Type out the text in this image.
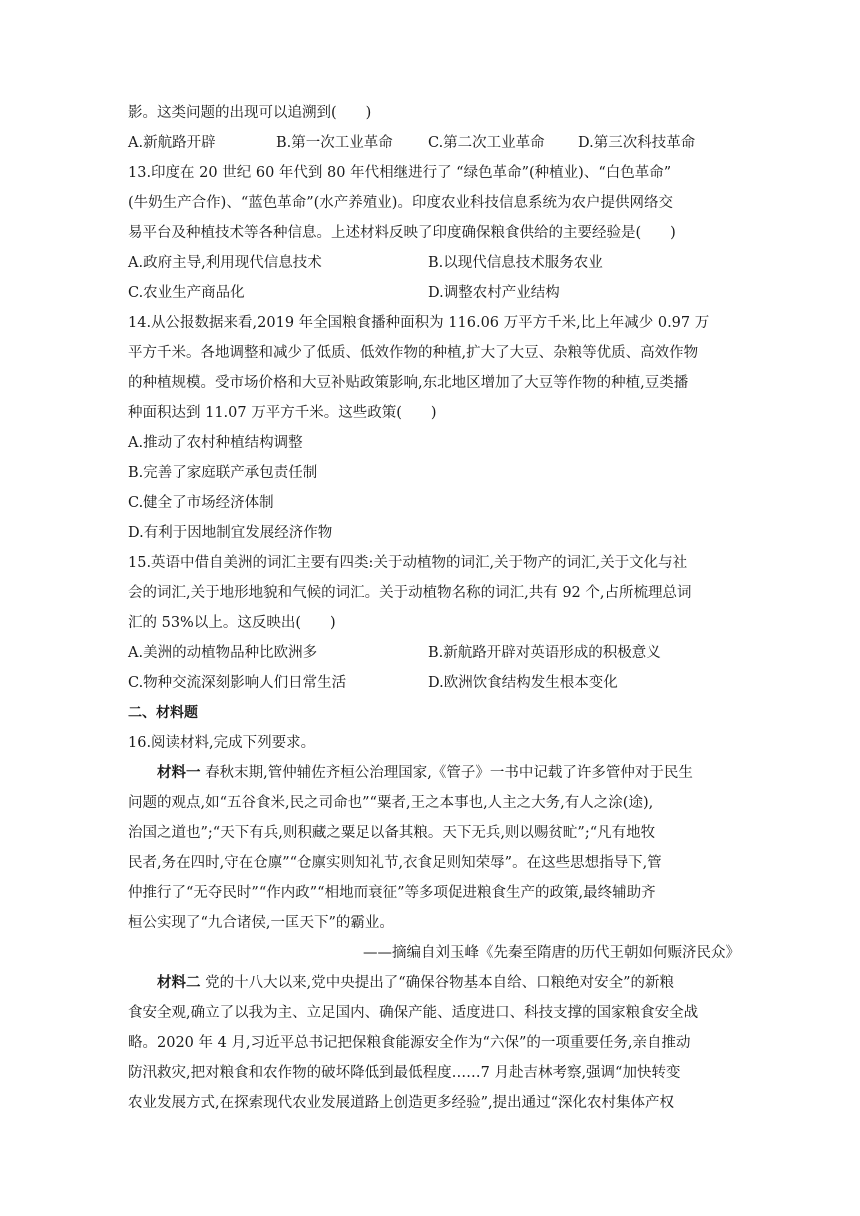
影。这类问题的出现可以追溯到(　　)
A.新航路开辟	B.第一次工业革命	C.第二次工业革命	D.第三次科技革命
13.印度在 20 世纪 60 年代到 80 年代相继进行了 “绿色革命”(种植业)、“白色革命”
(牛奶生产合作)、“蓝色革命”(水产养殖业)。印度农业科技信息系统为农户提供网络交
易平台及种植技术等各种信息。上述材料反映了印度确保粮食供给的主要经验是(　　)
A.政府主导,利用现代信息技术	B.以现代信息技术服务农业
C.农业生产商品化	D.调整农村产业结构
14.从公报数据来看,2019 年全国粮食播种面积为 116.06 万平方千米,比上年减少 0.97 万
平方千米。各地调整和减少了低质、低效作物的种植,扩大了大豆、杂粮等优质、高效作物
的种植规模。受市场价格和大豆补贴政策影响,东北地区增加了大豆等作物的种植,豆类播
种面积达到 11.07 万平方千米。这些政策(　　)
A.推动了农村种植结构调整
B.完善了家庭联产承包责任制
C.健全了市场经济体制
D.有利于因地制宜发展经济作物
15.英语中借自美洲的词汇主要有四类:关于动植物的词汇,关于物产的词汇,关于文化与社
会的词汇,关于地形地貌和气候的词汇。关于动植物名称的词汇,共有 92 个,占所梳理总词
汇的 53%以上。这反映出(　　)
A.美洲的动植物品种比欧洲多	B.新航路开辟对英语形成的积极意义
C.物种交流深刻影响人们日常生活	D.欧洲饮食结构发生根本变化
二、材料题
16.阅读材料,完成下列要求。
材料一 春秋末期,管仲辅佐齐桓公治理国家,《管子》一书中记载了许多管仲对于民生
问题的观点,如“五谷食米,民之司命也”“粟者,王之本事也,人主之大务,有人之涂(途),
治国之道也”;“天下有兵,则积藏之粟足以备其粮。天下无兵,则以赐贫甿”;“凡有地牧
民者,务在四时,守在仓廪”“仓廪实则知礼节,衣食足则知荣辱”。在这些思想指导下,管
仲推行了“无夺民时”“作内政”“相地而衰征”等多项促进粮食生产的政策,最终辅助齐
桓公实现了“九合诸侯,一匡天下”的霸业。
——摘编自刘玉峰《先秦至隋唐的历代王朝如何赈济民众》
材料二 党的十八大以来,党中央提出了“确保谷物基本自给、口粮绝对安全”的新粮
食安全观,确立了以我为主、立足国内、确保产能、适度进口、科技支撑的国家粮食安全战
略。2020 年 4 月,习近平总书记把保粮食能源安全作为“六保”的一项重要任务,亲自推动
防汛救灾,把对粮食和农作物的破坏降低到最低程度……7 月赴吉林考察,强调“加快转变
农业发展方式,在探索现代农业发展道路上创造更多经验”,提出通过“深化农村集体产权
